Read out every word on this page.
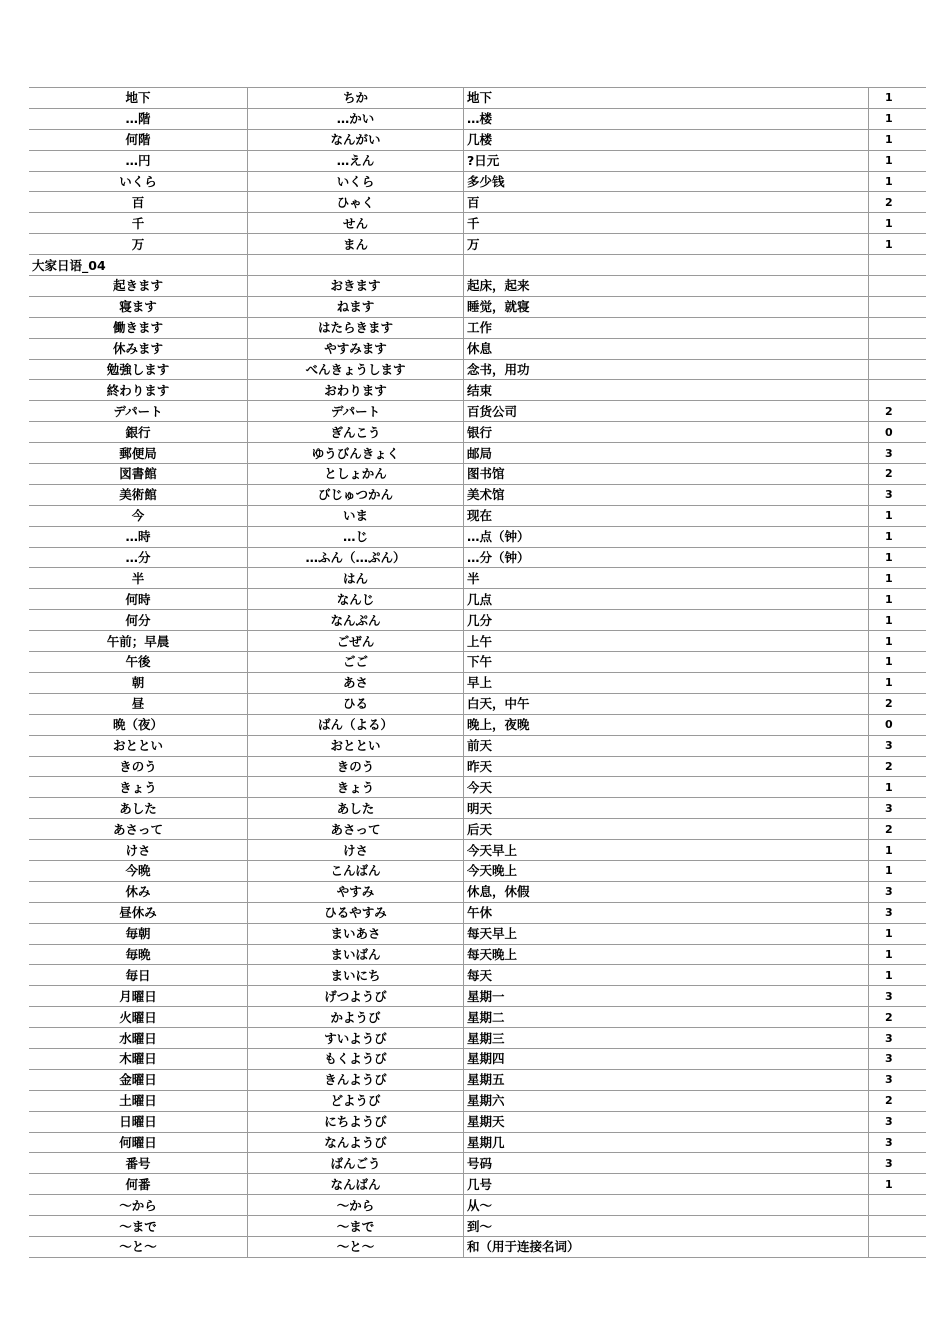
地下	ちか	地下	1
…階	…かい	…楼	1
何階	なんがい	几楼	1
…円	…えん	?日元	1
いくら	いくら	多少钱	1
百	ひゃく	百	2
千	せん	千	1
万	まん	万	1
大家日语_04			
起きます	おきます	起床，起来	
寝ます	ねます	睡觉，就寝	
働きます	はたらきます	工作	
休みます	やすみます	休息	
勉強します	べんきょうします	念书，用功	
終わります	おわります	结束	
デパート	デパート	百货公司	2
銀行	ぎんこう	银行	0
郵便局	ゆうびんきょく	邮局	3
図書館	としょかん	图书馆	2
美術館	びじゅつかん	美术馆	3
今	いま	现在	1
…時	…じ	…点（钟）	1
…分	…ふん（…ぷん）	…分（钟）	1
半	はん	半	1
何時	なんじ	几点	1
何分	なんぷん	几分	1
午前；早晨	ごぜん	上午	1
午後	ごご	下午	1
朝	あさ	早上	1
昼	ひる	白天，中午	2
晩（夜）	ばん（よる）	晚上，夜晚	0
おととい	おととい	前天	3
きのう	きのう	昨天	2
きょう	きょう	今天	1
あした	あした	明天	3
あさって	あさって	后天	2
けさ	けさ	今天早上	1
今晩	こんばん	今天晚上	1
休み	やすみ	休息，休假	3
昼休み	ひるやすみ	午休	3
毎朝	まいあさ	每天早上	1
毎晩	まいばん	每天晚上	1
毎日	まいにち	每天	1
月曜日	げつようび	星期一	3
火曜日	かようび	星期二	2
水曜日	すいようび	星期三	3
木曜日	もくようび	星期四	3
金曜日	きんようび	星期五	3
土曜日	どようび	星期六	2
日曜日	にちようび	星期天	3
何曜日	なんようび	星期几	3
番号	ばんごう	号码	3
何番	なんばん	几号	1
～から	～から	从～	
～まで	～まで	到～	
～と～	～と～	和（用于连接名词）	
